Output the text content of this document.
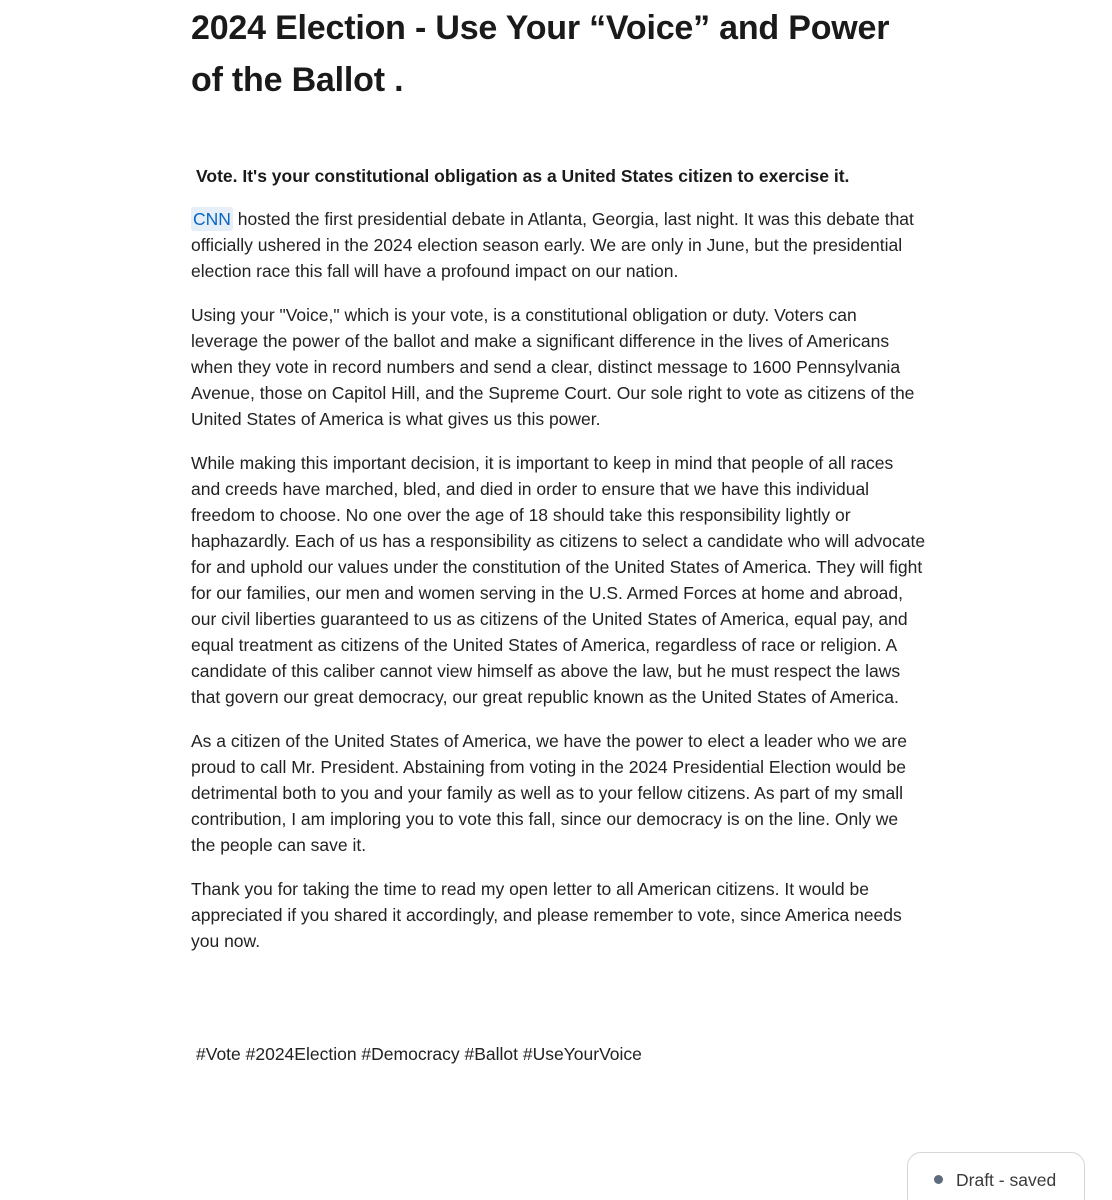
2024 Election - Use Your “Voice” and Power of the Ballot .

Vote. It's your constitutional obligation as a United States citizen to exercise it.

CNN hosted the first presidential debate in Atlanta, Georgia, last night. It was this debate that officially ushered in the 2024 election season early. We are only in June, but the presidential election race this fall will have a profound impact on our nation.

Using your "Voice," which is your vote, is a constitutional obligation or duty. Voters can leverage the power of the ballot and make a significant difference in the lives of Americans when they vote in record numbers and send a clear, distinct message to 1600 Pennsylvania Avenue, those on Capitol Hill, and the Supreme Court. Our sole right to vote as citizens of the United States of America is what gives us this power.

While making this important decision, it is important to keep in mind that people of all races and creeds have marched, bled, and died in order to ensure that we have this individual freedom to choose. No one over the age of 18 should take this responsibility lightly or haphazardly. Each of us has a responsibility as citizens to select a candidate who will advocate for and uphold our values under the constitution of the United States of America. They will fight for our families, our men and women serving in the U.S. Armed Forces at home and abroad, our civil liberties guaranteed to us as citizens of the United States of America, equal pay, and equal treatment as citizens of the United States of America, regardless of race or religion. A candidate of this caliber cannot view himself as above the law, but he must respect the laws that govern our great democracy, our great republic known as the United States of America.

As a citizen of the United States of America, we have the power to elect a leader who we are proud to call Mr. President. Abstaining from voting in the 2024 Presidential Election would be detrimental both to you and your family as well as to your fellow citizens. As part of my small contribution, I am imploring you to vote this fall, since our democracy is on the line. Only we the people can save it.

Thank you for taking the time to read my open letter to all American citizens. It would be appreciated if you shared it accordingly, and please remember to vote, since America needs you now.

#Vote #2024Election #Democracy #Ballot #UseYourVoice
Draft - saved
